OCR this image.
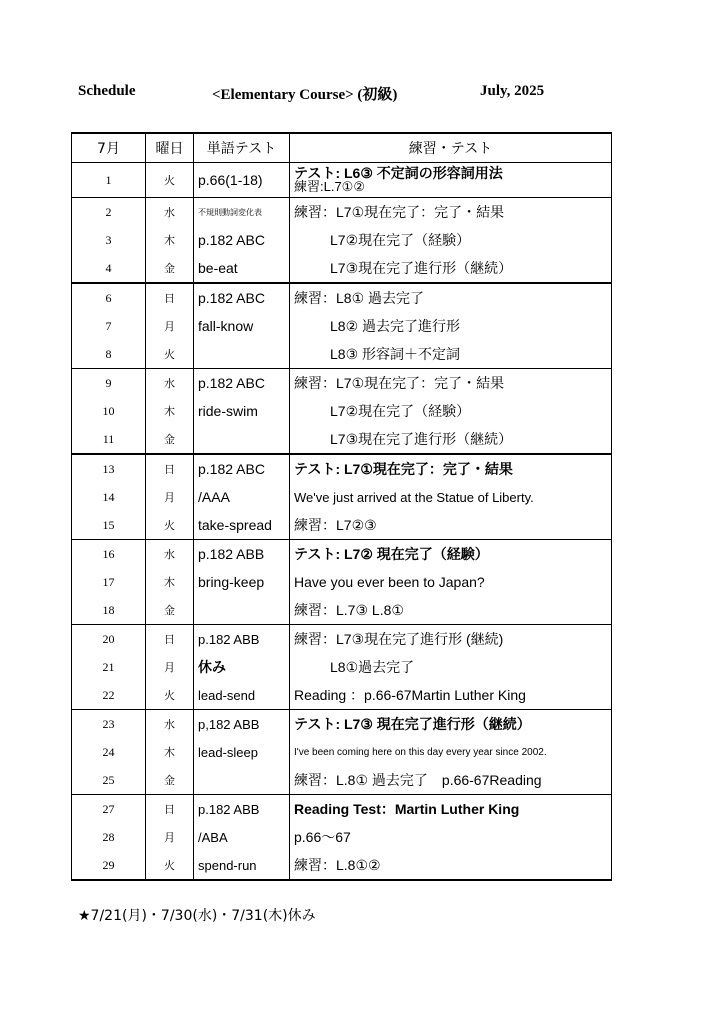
Schedule	<Elementary Course> (初級)	July, 2025
7月	曜日	単語テスト	練習・テスト
1	火	p.66(1-18)	テスト: L6③ 不定詞の形容詞用法
練習:L.7①②

2	水	不規則動詞変化表	練習：L7①現在完了：完了・結果
3	木	p.182 ABC	L7②現在完了（経験）
4	金	be-eat	L7③現在完了進行形（継続）
6	日	p.182 ABC	練習：L8① 過去完了
7	月	fall-know	L8② 過去完了進行形
8	火		L8③ 形容詞＋不定詞
9	水	p.182 ABC	練習：L7①現在完了：完了・結果
10	木	ride-swim	L7②現在完了（経験）
11	金		L7③現在完了進行形（継続）
13	日	p.182 ABC	テスト: L7①現在完了：完了・結果
14	月	/AAA	We've just arrived at the Statue of Liberty.
15	火	take-spread	練習：L7②③
16	水	p.182 ABB	テスト: L7② 現在完了（経験）
17	木	bring-keep	Have you ever been to Japan?
18	金		練習：L.7③ L.8①
20	日	p.182 ABB	練習：L7③現在完了進行形 (継続)
21	月	休み	L8①過去完了
22	火	lead-send	Reading ：p.66-67Martin Luther King
23	水	p,182 ABB	テスト: L7③ 現在完了進行形（継続）
24	木	lead-sleep	I've been coming here on this day every year since 2002.
25	金		練習：L.8① 過去完了　p.66-67Reading
27	日	p.182 ABB	Reading Test：Martin Luther King
28	月	/ABA	p.66～67
29	火	spend-run	練習：L.8①②
★7/21(月)・7/30(水)・7/31(木)休み
